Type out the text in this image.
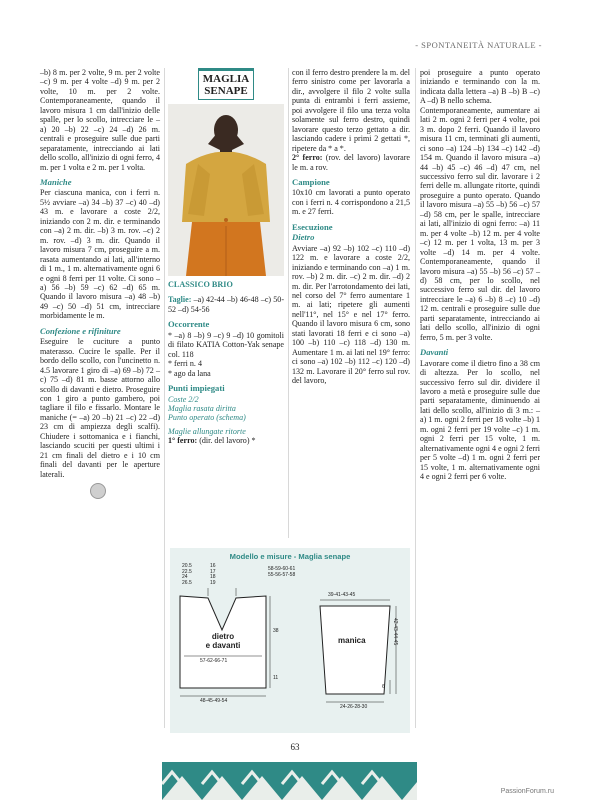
- SPONTANEITÀ NATURALE -

–b) 8 m. per 2 volte, 9 m. per 2 volte –c) 9 m. per 4 volte –d) 9 m. per 2 volte, 10 m. per 2 volte. Contemporaneamente, quando il lavoro misura 1 cm dall'inizio delle spalle, per lo scollo, intrecciare le –a) 20 –b) 22 –c) 24 –d) 26 m. centrali e proseguire sulle due parti separatamente, intrecciando ai lati dello scollo, all'inizio di ogni ferro, 4 m. per 1 volta e 2 m. per 1 volta.

Maniche

Per ciascuna manica, con i ferri n. 5½ avviare –a) 34 –b) 37 –c) 40 –d) 43 m. e lavorare a coste 2/2, iniziando con 2 m. dir. e terminando con –a) 2 m. dir. –b) 3 m. rov. –c) 2 m. rov. –d) 3 m. dir. Quando il lavoro misura 7 cm, proseguire a m. rasata aumentando ai lati, all'interno di 1 m., 1 m. alternativamente ogni 6 e ogni 8 ferri per 11 volte. Ci sono –a) 56 –b) 59 –c) 62 –d) 65 m. Quando il lavoro misura –a) 48 –b) 49 –c) 50 –d) 51 cm, intrecciare morbidamente le m.

Confezione e rifiniture

Eseguire le cuciture a punto materasso. Cucire le spalle. Per il bordo dello scollo, con l'uncinetto n. 4.5 lavorare 1 giro di –a) 69 –b) 72 –c) 75 –d) 81 m. basse attorno allo scollo di davanti e dietro. Proseguire con 1 giro a punto gambero, poi tagliare il filo e fissarlo. Montare le maniche (= –a) 20 –b) 21 –c) 22 –d) 23 cm di ampiezza degli scalfi). Chiudere i sottomanica e i fianchi, lasciando scuciti per questi ultimi i 21 cm finali del dietro e i 10 cm finali del davanti per le aperture laterali.

MAGLIA
SENAPE
CLASSICO BRIO

Taglie: –a) 42-44 –b) 46-48 –c) 50-52 –d) 54-56

Occorrente

* –a) 8 –b) 9 –c) 9 –d) 10 gomitoli di filato KATIA Cotton-Yak senape col. 118

* ferri n. 4

* ago da lana

Punti impiegati

Coste 2/2

Maglia rasata diritta

Punto operato (schema)

Maglie allungate ritorte

1° ferro: (dir. del lavoro) *

con il ferro destro prendere la m. del ferro sinistro come per lavorarla a dir., avvolgere il filo 2 volte sulla punta di entrambi i ferri assieme, poi avvolgere il filo una terza volta solamente sul ferro destro, quindi lavorare questo terzo gettato a dir. lasciando cadere i primi 2 gettati *, ripetere da * a *.

2° ferro: (rov. del lavoro) lavorare le m. a rov.

Campione

10x10 cm lavorati a punto operato con i ferri n. 4 corrispondono a 21,5 m. e 27 ferri.

Esecuzione
Dietro

Avviare –a) 92 –b) 102 –c) 110 –d) 122 m. e lavorare a coste 2/2, iniziando e terminando con –a) 1 m. rov. –b) 2 m. dir. –c) 2 m. dir. –d) 2 m. dir. Per l'arrotondamento dei lati, nel corso del 7° ferro aumentare 1 m. ai lati; ripetere gli aumenti nell'11°, nel 15° e nel 17° ferro. Quando il lavoro misura 6 cm, sono stati lavorati 18 ferri e ci sono –a) 100 –b) 110 –c) 118 –d) 130 m. Aumentare 1 m. ai lati nel 19° ferro: ci sono –a) 102 –b) 112 –c) 120 –d) 132 m. Lavorare il 20° ferro sul rov. del lavoro,

poi proseguire a punto operato iniziando e terminando con la m. indicata dalla lettera –a) B –b) B –c) A –d) B nello schema.

Contemporaneamente, aumentare ai lati 2 m. ogni 2 ferri per 4 volte, poi 3 m. dopo 2 ferri. Quando il lavoro misura 11 cm, terminati gli aumenti, ci sono –a) 124 –b) 134 –c) 142 –d) 154 m. Quando il lavoro misura –a) 44 –b) 45 –c) 46 –d) 47 cm, nel successivo ferro sul dir. lavorare i 2 ferri delle m. allungate ritorte, quindi proseguire a punto operato. Quando il lavoro misura –a) 55 –b) 56 –c) 57 –d) 58 cm, per le spalle, intrecciare ai lati, all'inizio di ogni ferro: –a) 11 m. per 4 volte –b) 12 m. per 4 volte –c) 12 m. per 1 volta, 13 m. per 3 volte –d) 14 m. per 4 volte. Contemporaneamente, quando il lavoro misura –a) 55 –b) 56 –c) 57 –d) 58 cm, per lo scollo, nel successivo ferro sul dir. del lavoro intrecciare le –a) 6 –b) 8 –c) 10 –d) 12 m. centrali e proseguire sulle due parti separatamente, intrecciando ai lati dello scollo, all'inizio di ogni ferro, 5 m. per 3 volte.

Davanti

Lavorare come il dietro fino a 38 cm di altezza. Per lo scollo, nel successivo ferro sul dir. dividere il lavoro a metà e proseguire sulle due parti separatamente, diminuendo ai lati dello scollo, all'inizio di 3 m.: –a) 1 m. ogni 2 ferri per 18 volte –b) 1 m. ogni 2 ferri per 19 volte –c) 1 m. ogni 2 ferri per 15 volte, 1 m. alternativamente ogni 4 e ogni 2 ferri per 5 volte –d) 1 m. ogni 2 ferri per 15 volte, 1 m. alternativamente ogni 4 e ogni 2 ferri per 6 volte.

Modello e misure - Maglia senape
20.5
22.5
24
26.5
16
17
18
19
58-59-60-61
55-56-57-58
38
11
dietro
e davanti
57-62-66-71
48-45-49-54
39-41-43-45
42-43-44-45
manica
6
24-26-28-30
63
PassionForum.ru
